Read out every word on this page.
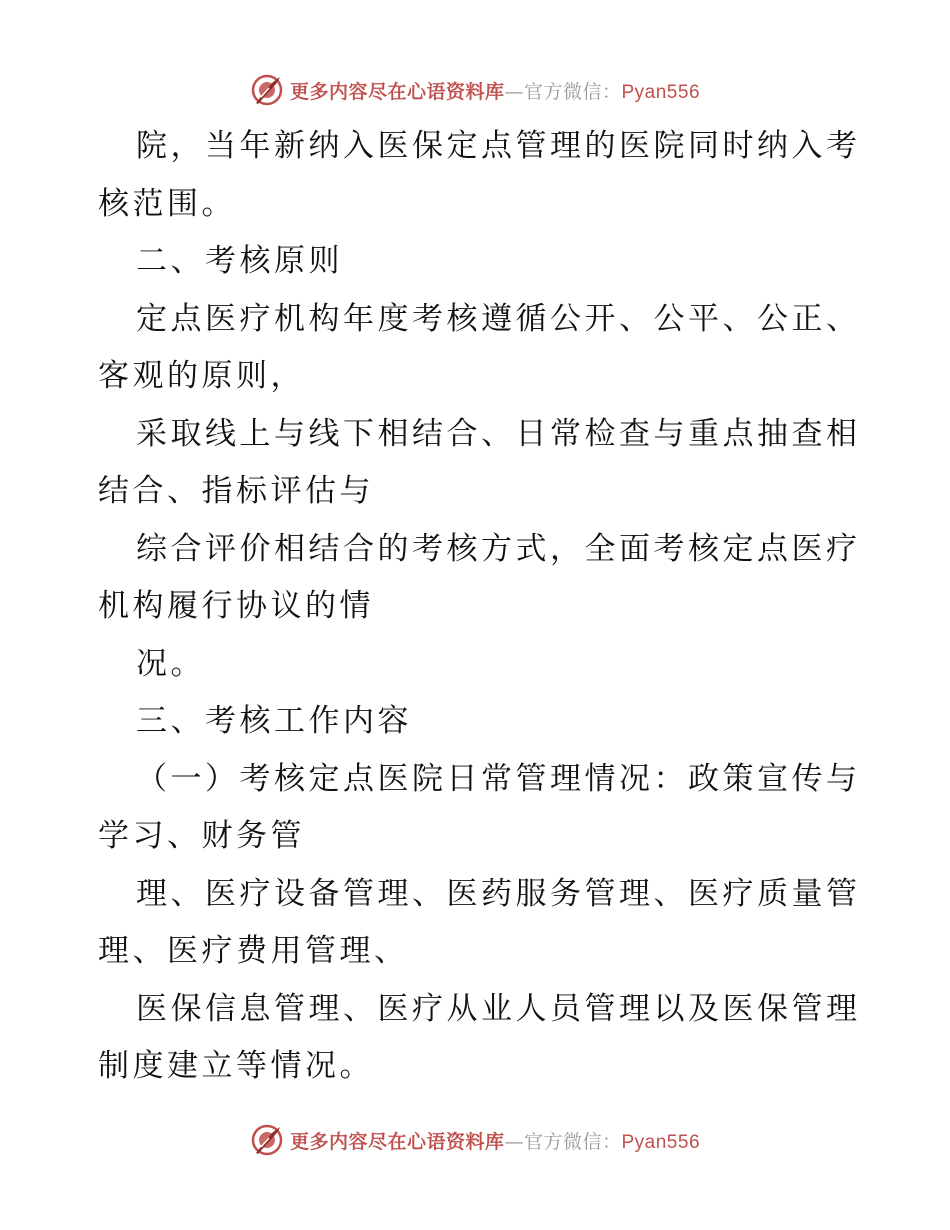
更多内容尽在心语资料库—官方微信：Pyan556
院，当年新纳入医保定点管理的医院同时纳入考
核范围。
二、考核原则
定点医疗机构年度考核遵循公开、公平、公正、
客观的原则，
采取线上与线下相结合、日常检查与重点抽查相
结合、指标评估与
综合评价相结合的考核方式，全面考核定点医疗
机构履行协议的情
况。
三、考核工作内容
（一）考核定点医院日常管理情况：政策宣传与
学习、财务管
理、医疗设备管理、医药服务管理、医疗质量管
理、医疗费用管理、
医保信息管理、医疗从业人员管理以及医保管理
制度建立等情况。
更多内容尽在心语资料库—官方微信：Pyan556
